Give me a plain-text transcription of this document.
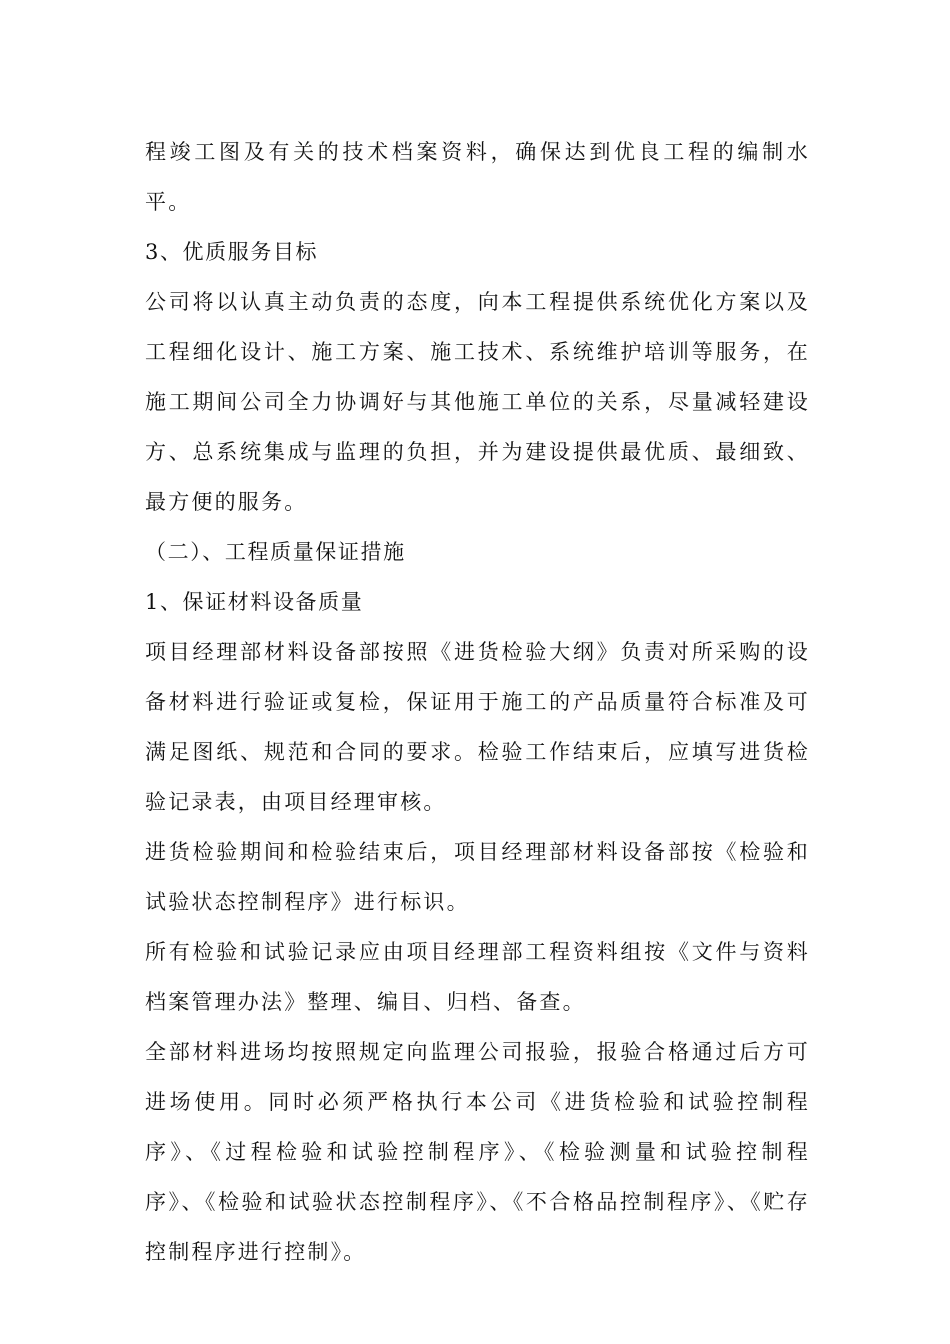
程竣工图及有关的技术档案资料，确保达到优良工程的编制水平。

3、优质服务目标

公司将以认真主动负责的态度，向本工程提供系统优化方案以及工程细化设计、施工方案、施工技术、系统维护培训等服务，在施工期间公司全力协调好与其他施工单位的关系，尽量减轻建设方、总系统集成与监理的负担，并为建设提供最优质、最细致、最方便的服务。

（二）、工程质量保证措施

1、保证材料设备质量

项目经理部材料设备部按照《进货检验大纲》负责对所采购的设备材料进行验证或复检，保证用于施工的产品质量符合标准及可满足图纸、规范和合同的要求。检验工作结束后，应填写进货检验记录表，由项目经理审核。

进货检验期间和检验结束后，项目经理部材料设备部按《检验和试验状态控制程序》进行标识。

所有检验和试验记录应由项目经理部工程资料组按《文件与资料档案管理办法》整理、编目、归档、备查。

全部材料进场均按照规定向监理公司报验，报验合格通过后方可进场使用。同时必须严格执行本公司《进货检验和试验控制程序》、《过程检验和试验控制程序》、《检验测量和试验控制程序》、《检验和试验状态控制程序》、《不合格品控制程序》、《贮存控制程序进行控制》。
